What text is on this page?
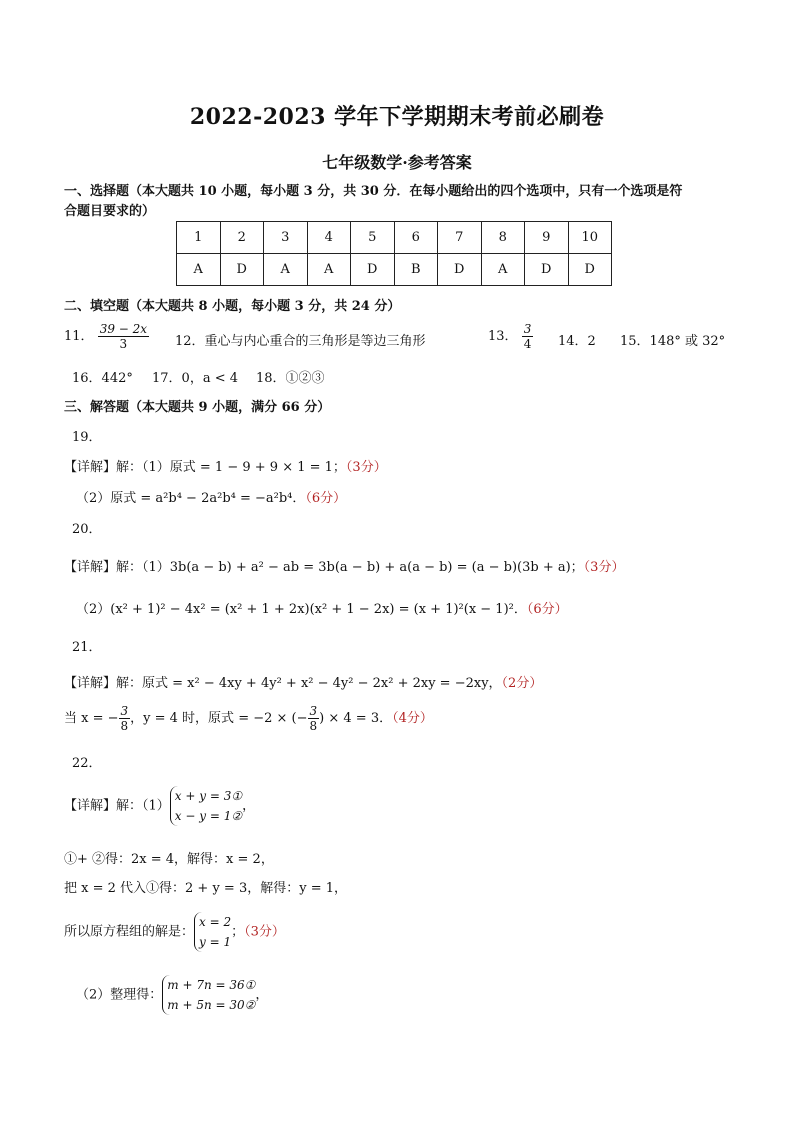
2022-2023 学年下学期期末考前必刷卷
七年级数学·参考答案
一、选择题（本大题共 10 小题，每小题 3 分，共 30 分．在每小题给出的四个选项中，只有一个选项是符
合题目要求的）
1	2	3	4	5	6	7	8	9	10
A	D	A	A	D	B	D	A	D	D
二、填空题（本大题共 8 小题，每小题 3 分，共 24 分）
11． $\frac{39 - 2x}{3} 12$．重心与内心重合的三角形是等边三角形	13． $\frac{3}{4} 14$．2 15．148° 或 32°
16．442° 17．0，a < 4 18．①②③
三、解答题（本大题共 9 小题，满分 66 分）
19．
【详解】解：（1）原式 = 1 − 9 + 9 × 1 = 1；（3分）
（2）原式 = a²b⁴ − 2a²b⁴ = −a²b⁴．（6分）
20．
【详解】解：（1）3b(a − b) + a² − ab = 3b(a − b) + a(a − b) = (a − b)(3b + a)；（3分）
（2）(x² + 1)² − 4x² = (x² + 1 + 2x)(x² + 1 − 2x) = (x + 1)²(x − 1)²．（6分）
21．
【详解】解：原式 = x² − 4xy + 4y² + x² − 4y² − 2x² + 2xy = −2xy，（2分）
当 x = − $\frac{3}{8}$ ，y = 4 时，原式 = −2 × (− $\frac{3}{8}$ ) × 4 = 3．（4分）
22．
【详解】解：（1）
x + y = 3①
x − y = 1②
，
①+ ②得：2x = 4，解得：x = 2，
把 x = 2 代入①得：2 + y = 3，解得：y = 1，
所以原方程组的解是：
x = 2
y = 1
；（3分）
（2）整理得：
m + 7n = 36①
m + 5n = 30②
，
